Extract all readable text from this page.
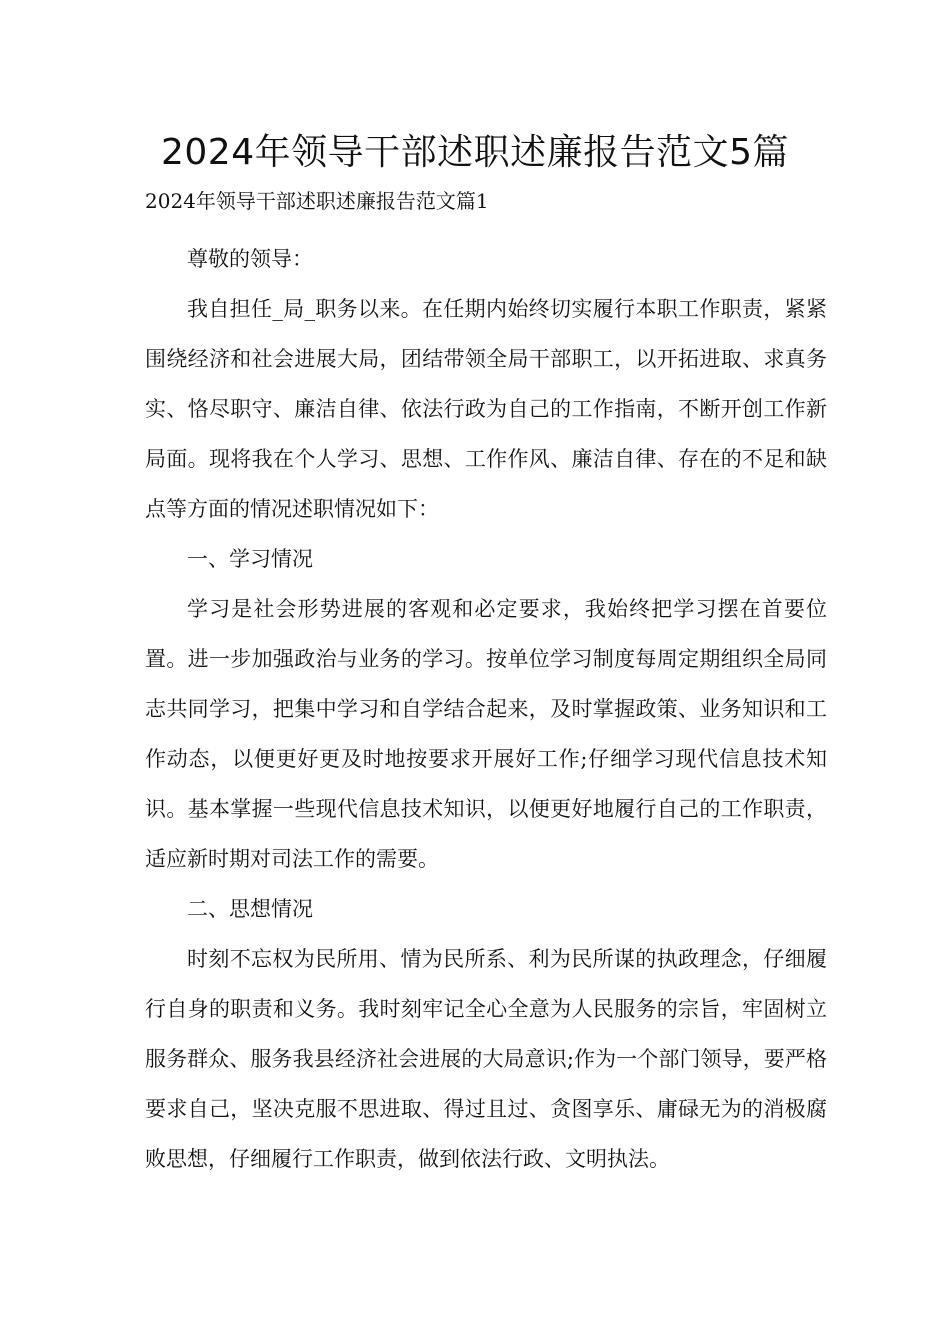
2024年领导干部述职述廉报告范文5篇

2024年领导干部述职述廉报告范文篇1

尊敬的领导：

我自担任_局_职务以来。在任期内始终切实履行本职工作职责，紧紧围绕经济和社会进展大局，团结带领全局干部职工，以开拓进取、求真务实、恪尽职守、廉洁自律、依法行政为自己的工作指南，不断开创工作新局面。现将我在个人学习、思想、工作作风、廉洁自律、存在的不足和缺点等方面的情况述职情况如下：

一、学习情况

学习是社会形势进展的客观和必定要求，我始终把学习摆在首要位置。进一步加强政治与业务的学习。按单位学习制度每周定期组织全局同志共同学习，把集中学习和自学结合起来，及时掌握政策、业务知识和工作动态，以便更好更及时地按要求开展好工作;仔细学习现代信息技术知识。基本掌握一些现代信息技术知识，以便更好地履行自己的工作职责，适应新时期对司法工作的需要。

二、思想情况

时刻不忘权为民所用、情为民所系、利为民所谋的执政理念，仔细履行自身的职责和义务。我时刻牢记全心全意为人民服务的宗旨，牢固树立服务群众、服务我县经济社会进展的大局意识;作为一个部门领导，要严格要求自己，坚决克服不思进取、得过且过、贪图享乐、庸碌无为的消极腐败思想，仔细履行工作职责，做到依法行政、文明执法。
